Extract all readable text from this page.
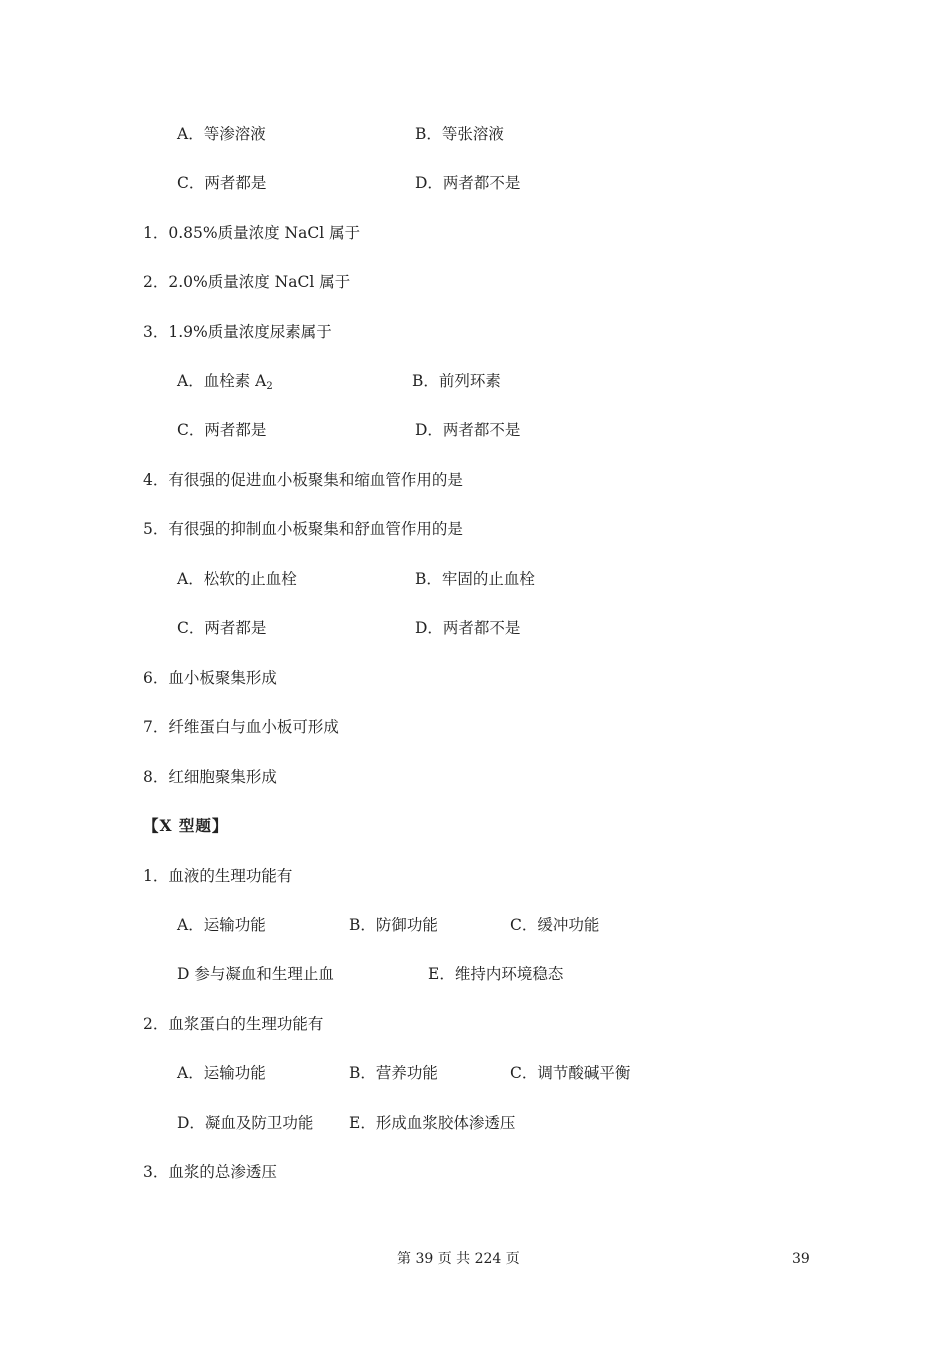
A．等渗溶液	B．等张溶液
C．两者都是	D．两者都不是
1．0.85%质量浓度 NaCl 属于
2．2.0%质量浓度 NaCl 属于
3．1.9%质量浓度尿素属于
A．血栓素 $A_2$	B．前列环素
C．两者都是	D．两者都不是
4．有很强的促进血小板聚集和缩血管作用的是
5．有很强的抑制血小板聚集和舒血管作用的是
A．松软的止血栓	B．牢固的止血栓
C．两者都是	D．两者都不是
6．血小板聚集形成
7．纤维蛋白与血小板可形成
8．红细胞聚集形成
【X 型题】
1．血液的生理功能有
A．运输功能	B．防御功能	C．缓冲功能
D 参与凝血和生理止血	E．维持内环境稳态
2．血浆蛋白的生理功能有
A．运输功能	B．营养功能	C．调节酸碱平衡
D．凝血及防卫功能 E．形成血浆胶体渗透压
3．血浆的总渗透压
第 39 页 共 224 页	39
